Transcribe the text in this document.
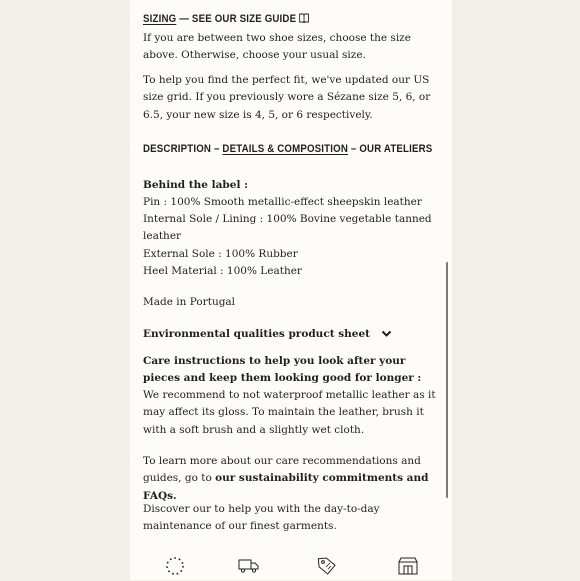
SIZING — SEE OUR SIZE GUIDE

If you are between two shoe sizes, choose the size above. Otherwise, choose your usual size.

To help you find the perfect fit, we've updated our US size grid. If you previously wore a Sézane size 5, 6, or 6.5, your new size is 4, 5, or 6 respectively.

DESCRIPTION – DETAILS & COMPOSITION – OUR ATELIERS

Behind the label :

Pin : 100% Smooth metallic-effect sheepskin leather

Internal Sole / Lining : 100% Bovine vegetable tanned leather

External Sole : 100% Rubber

Heel Material : 100% Leather

Made in Portugal

Environmental qualities product sheet

Care instructions to help you look after your pieces and keep them looking good for longer :

We recommend to not waterproof metallic leather as it may affect its gloss. To maintain the leather, brush it with a soft brush and a slightly wet cloth.

To learn more about our care recommendations and guides, go to our sustainability commitments and FAQs.

Discover our to help you with the day-to-day maintenance of our finest garments.
